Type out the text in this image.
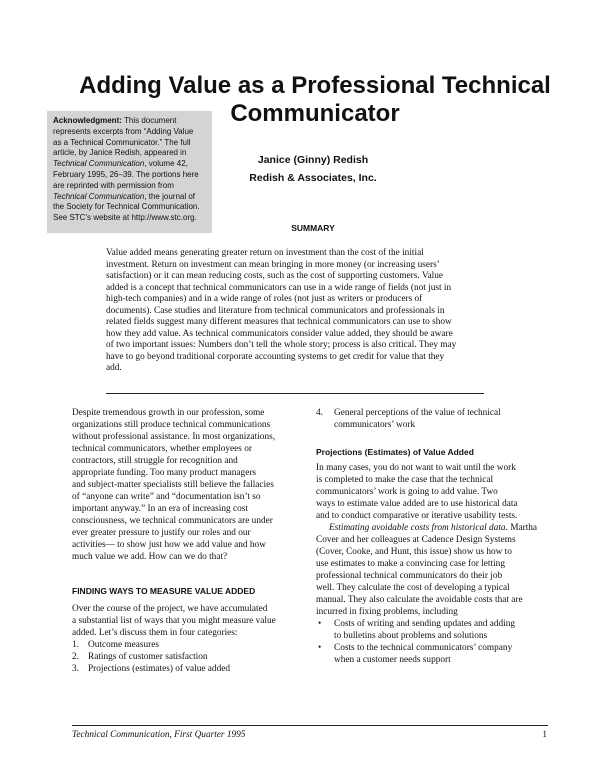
Adding Value as a Professional Technical
Communicator
Acknowledgment: This document
represents excerpts from “Adding Value
as a Technical Communicator.” The full
article, by Janice Redish, appeared in
Technical Communication, volume 42,
February 1995, 26–39. The portions here
are reprinted with permission from
Technical Communication, the journal of
the Society for Technical Communication.
See STC's website at http://www.stc.org.
Janice (Ginny) Redish
Redish & Associates, Inc.
SUMMARY
Value added means generating greater return on investment than the cost of the initial
investment. Return on investment can mean bringing in more money (or increasing users’
satisfaction) or it can mean reducing costs, such as the cost of supporting customers. Value
added is a concept that technical communicators can use in a wide range of fields (not just in
high-tech companies) and in a wide range of roles (not just as writers or producers of
documents). Case studies and literature from technical communicators and professionals in
related fields suggest many different measures that technical communicators can use to show
how they add value. As technical communicators consider value added, they should be aware
of two important issues: Numbers don’t tell the whole story; process is also critical. They may
have to go beyond traditional corporate accounting systems to get credit for value that they
add.
Despite tremendous growth in our profession, some
organizations still produce technical communications
without professional assistance. In most organizations,
technical communicators, whether employees or
contractors, still struggle for recognition and
appropriate funding. Too many product managers
and subject-matter specialists still believe the fallacies
of “anyone can write” and “documentation isn’t so
important anyway.” In an era of increasing cost
consciousness, we technical communicators are under
ever greater pressure to justify our roles and our
activities— to show just how we add value and how
much value we add. How can we do that?
FINDING WAYS TO MEASURE VALUE ADDED
Over the course of the project, we have accumulated
a substantial list of ways that you might measure value
added. Let’s discuss them in four categories:
1. Outcome measures
2. Ratings of customer satisfaction
3. Projections (estimates) of value added
4.	General perceptions of the value of technical
communicators’ work
Projections (Estimates) of Value Added
In many cases, you do not want to wait until the work
is completed to make the case that the technical
communicators’ work is going to add value. Two
ways to estimate value added are to use historical data
and to conduct comparative or iterative usability tests.
Estimating avoidable costs from historical data. Martha
Cover and her colleagues at Cadence Design Systems
(Cover, Cooke, and Hunt, this issue) show us how to
use estimates to make a convincing case for letting
professional technical communicators do their job
well. They calculate the cost of developing a typical
manual. They also calculate the avoidable costs that are
incurred in fixing problems, including
• Costs of writing and sending updates and adding
to bulletins about problems and solutions
• Costs to the technical communicators’ company
when a customer needs support
Technical Communication, First Quarter 1995	1
